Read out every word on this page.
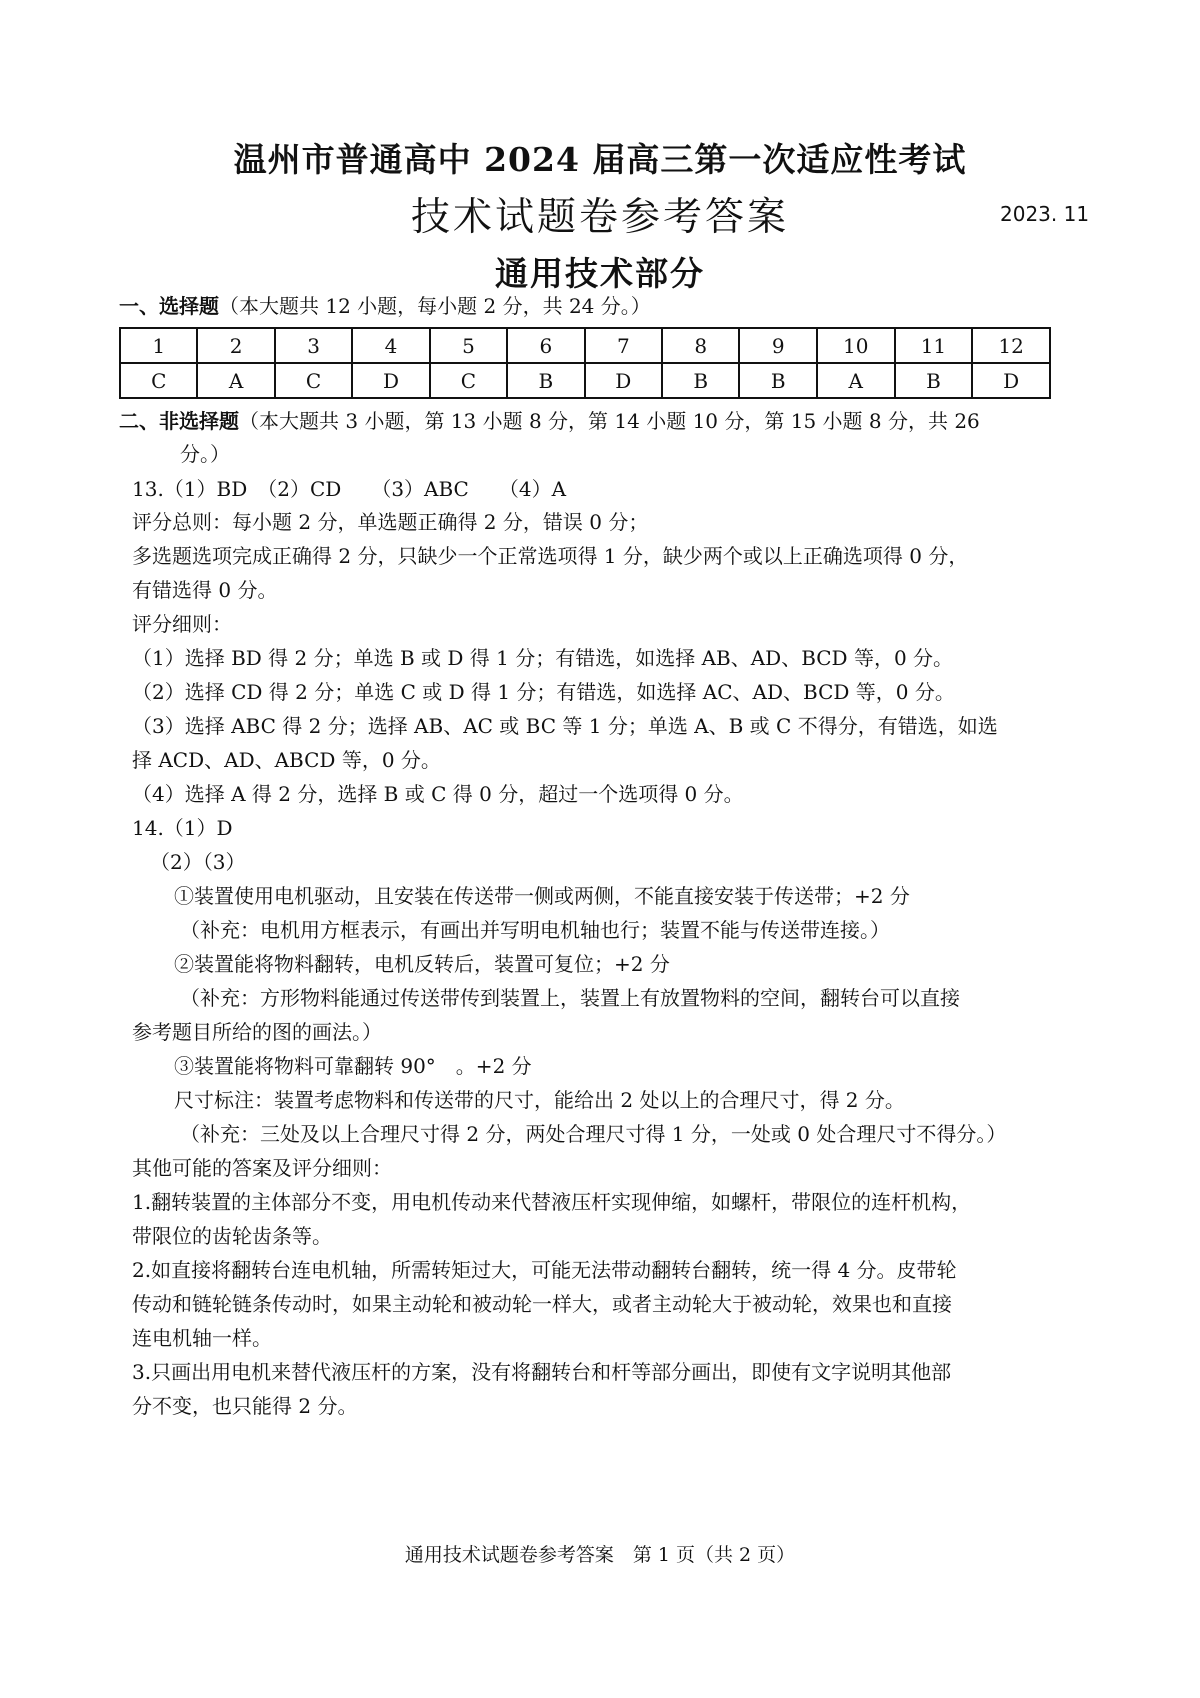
温州市普通高中 2024 届高三第一次适应性考试
技术试题卷参考答案	2023. 11
通用技术部分
一、选择题（本大题共 12 小题，每小题 2 分，共 24 分。）
1	2	3	4	5	6	7	8	9	10	11	12
C	A	C	D	C	B	D	B	B	A	B	D
二、非选择题（本大题共 3 小题，第 13 小题 8 分，第 14 小题 10 分，第 15 小题 8 分，共 26
分。）
13.（1）BD　（2）CD　　（3）ABC　　（4）A
评分总则：每小题 2 分，单选题正确得 2 分，错误 0 分；
多选题选项完成正确得 2 分，只缺少一个正常选项得 1 分，缺少两个或以上正确选项得 0 分，
有错选得 0 分。
评分细则：
（1）选择 BD 得 2 分；单选 B 或 D 得 1 分；有错选，如选择 AB、AD、BCD 等，0 分。
（2）选择 CD 得 2 分；单选 C 或 D 得 1 分；有错选，如选择 AC、AD、BCD 等，0 分。
（3）选择 ABC 得 2 分；选择 AB、AC 或 BC 等 1 分；单选 A、B 或 C 不得分，有错选，如选
择 ACD、AD、ABCD 等，0 分。
（4）选择 A 得 2 分，选择 B 或 C 得 0 分，超过一个选项得 0 分。
14.（1）D
（2）（3）
①装置使用电机驱动，且安装在传送带一侧或两侧，不能直接安装于传送带；+2 分
（补充：电机用方框表示，有画出并写明电机轴也行；装置不能与传送带连接。）
②装置能将物料翻转，电机反转后，装置可复位；+2 分
（补充：方形物料能通过传送带传到装置上，装置上有放置物料的空间，翻转台可以直接
参考题目所给的图的画法。）
③装置能将物料可靠翻转 90°　。+2 分
尺寸标注：装置考虑物料和传送带的尺寸，能给出 2 处以上的合理尺寸，得 2 分。
（补充：三处及以上合理尺寸得 2 分，两处合理尺寸得 1 分，一处或 0 处合理尺寸不得分。）
其他可能的答案及评分细则：
1.翻转装置的主体部分不变，用电机传动来代替液压杆实现伸缩，如螺杆，带限位的连杆机构，
带限位的齿轮齿条等。
2.如直接将翻转台连电机轴，所需转矩过大，可能无法带动翻转台翻转，统一得 4 分。皮带轮
传动和链轮链条传动时，如果主动轮和被动轮一样大，或者主动轮大于被动轮，效果也和直接
连电机轴一样。
3.只画出用电机来替代液压杆的方案，没有将翻转台和杆等部分画出，即使有文字说明其他部
分不变，也只能得 2 分。
通用技术试题卷参考答案　第 1 页（共 2 页）
